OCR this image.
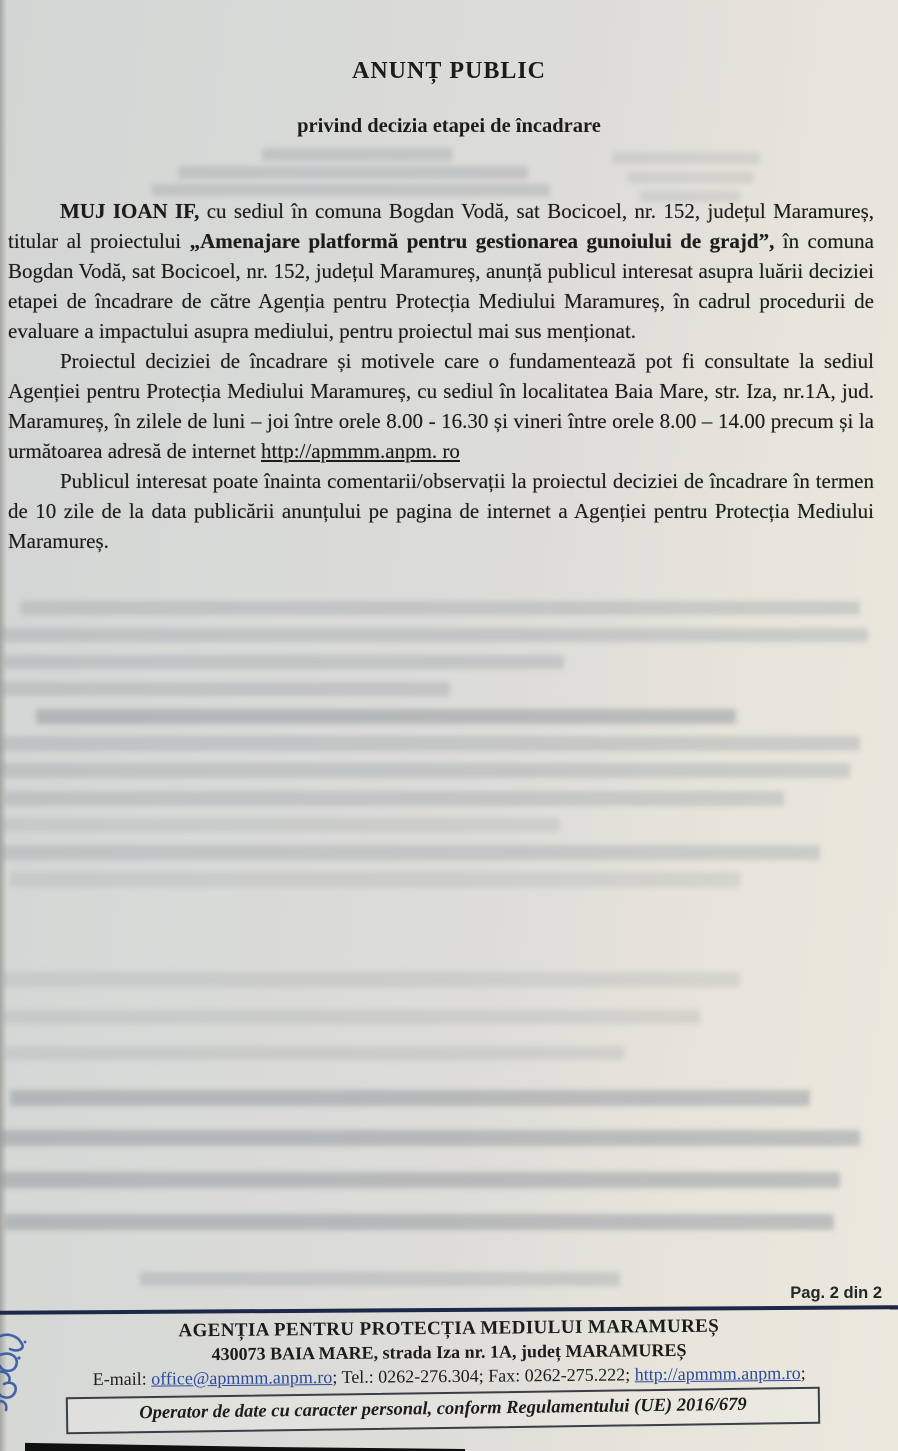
ANUNȚ PUBLIC
privind decizia etapei de încadrare

MUJ IOAN IF, cu sediul în comuna Bogdan Vodă, sat Bocicoel, nr. 152, județul Maramureș, titular al proiectului „Amenajare platformă pentru gestionarea gunoiului de grajd”, în comuna Bogdan Vodă, sat Bocicoel, nr. 152, județul Maramureș, anunță publicul interesat asupra luării deciziei etapei de încadrare de către Agenția pentru Protecția Mediului Maramureș, în cadrul procedurii de evaluare a impactului asupra mediului, pentru proiectul mai sus menționat.

Proiectul deciziei de încadrare și motivele care o fundamentează pot fi consultate la sediul Agenției pentru Protecția Mediului Maramureș, cu sediul în localitatea Baia Mare, str. Iza, nr.1A, jud. Maramureș, în zilele de luni – joi între orele 8.00 - 16.30 și vineri între orele 8.00 – 14.00 precum și la următoarea adresă de internet http://apmmm.anpm. ro

Publicul interesat poate înainta comentarii/observații la proiectul deciziei de încadrare în termen de 10 zile de la data publicării anunțului pe pagina de internet a Agenției pentru Protecția Mediului Maramureș.

Pag. 2 din 2

AGENȚIA PENTRU PROTECȚIA MEDIULUI MARAMUREȘ

430073 BAIA MARE, strada Iza nr. 1A, județ MARAMUREȘ

E-mail: office@apmmm.anpm.ro; Tel.: 0262-276.304; Fax: 0262-275.222; http://apmmm.anpm.ro;

Operator de date cu caracter personal, conform Regulamentului (UE) 2016/679
